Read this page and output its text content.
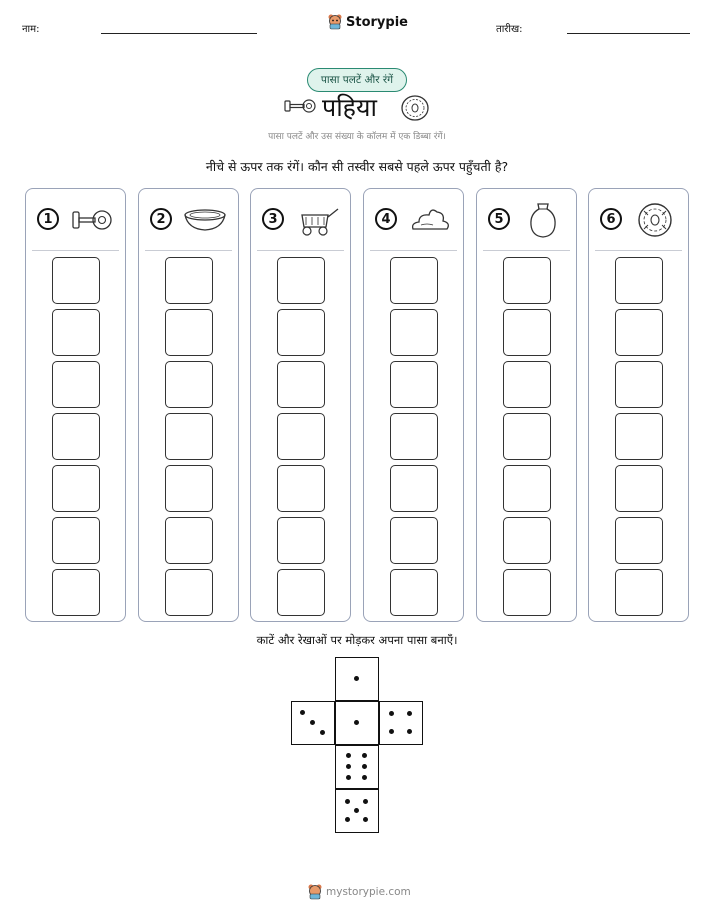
नाम:	Storypie	तारीख:
पासा पलटें और रंगें
पहिया
पासा पलटें और उस संख्या के कॉलम में एक डिब्बा रंगें।
नीचे से ऊपर तक रंगें। कौन सी तस्वीर सबसे पहले ऊपर पहुँचती है?
1	2	3	4	5	6
काटें और रेखाओं पर मोड़कर अपना पासा बनाएँ।
mystorypie.com
